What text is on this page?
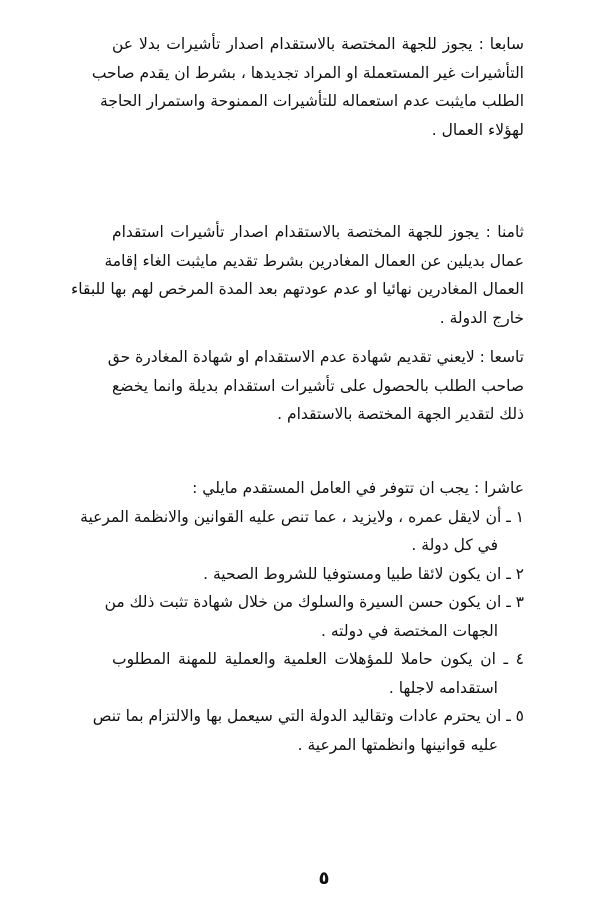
سابعا : يجوز للجهة المختصة بالاستقدام اصدار تأشيرات بدلا عن
التأشيرات غير المستعملة او المراد تجديدها ، بشرط ان يقدم صاحب
الطلب مايثبت عدم استعماله للتأشيرات الممنوحة واستمرار الحاجة
لهؤلاء العمال .
ثامنا : يجوز للجهة المختصة بالاستقدام اصدار تأشيرات استقدام
عمال بديلين عن العمال المغادرين بشرط تقديم مايثبت الغاء إقامة
العمال المغادرين نهائيا او عدم عودتهم بعد المدة المرخص لهم بها للبقاء
خارج الدولة .
تاسعا : لايعني تقديم شهادة عدم الاستقدام او شهادة المغادرة حق
صاحب الطلب بالحصول على تأشيرات استقدام بديلة وانما يخضع
ذلك لتقدير الجهة المختصة بالاستقدام .
عاشرا : يجب ان تتوفر في العامل المستقدم مايلي :
١ ـ أن لايقل عمره ، ولايزيد ، عما تنص عليه القوانين والانظمة المرعية
في كل دولة .
٢ ـ ان يكون لائقا طبيا ومستوفيا للشروط الصحية .
٣ ـ ان يكون حسن السيرة والسلوك من خلال شهادة تثبت ذلك من
الجهات المختصة في دولته .
٤ ـ ان يكون حاملا للمؤهلات العلمية والعملية للمهنة المطلوب
استقدامه لاجلها .
٥ ـ ان يحترم عادات وتقاليد الدولة التي سيعمل بها والالتزام بما تنص
عليه قوانينها وانظمتها المرعية .
٥
